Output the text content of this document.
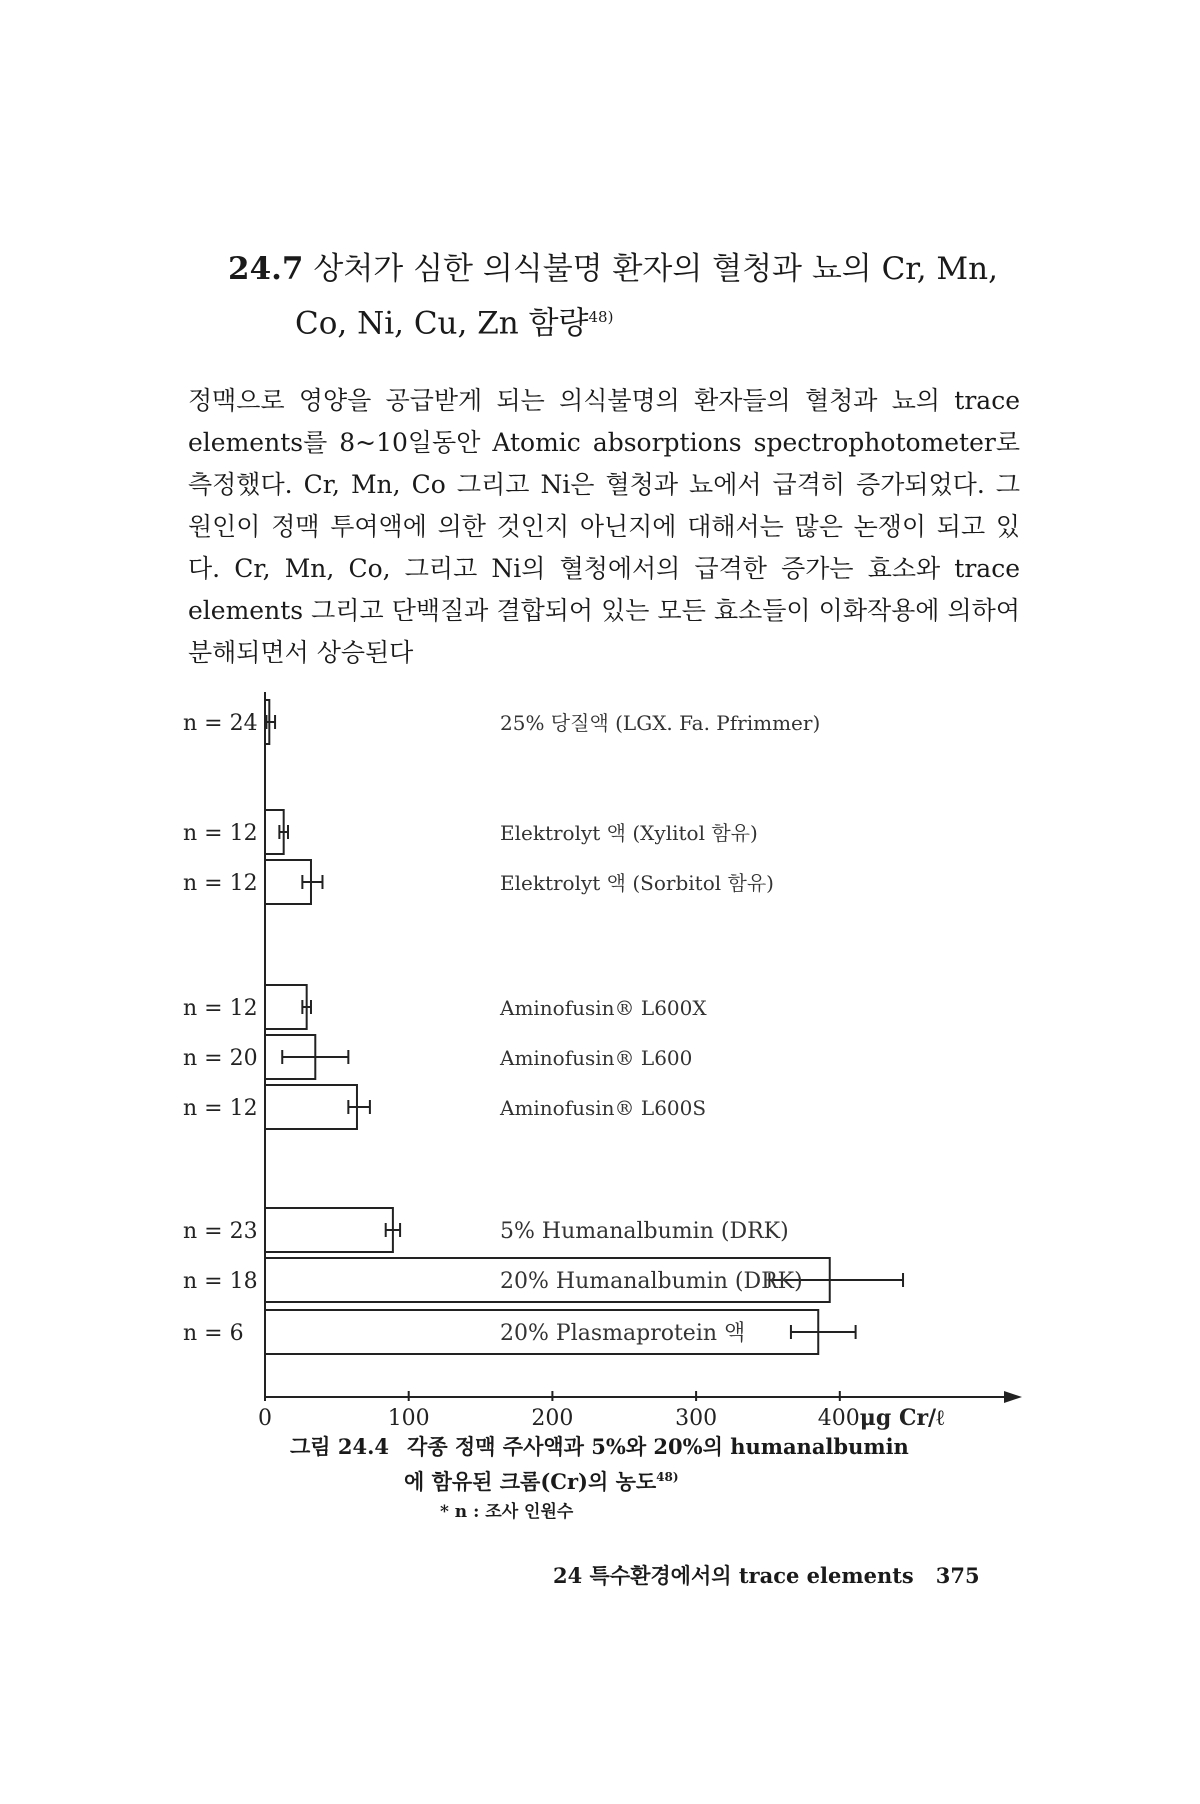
24.7 상처가 심한 의식불명 환자의 혈청과 뇨의 Cr, Mn,
Co, Ni, Cu, Zn 함량$^{48)}$
정맥으로 영양을 공급받게 되는 의식불명의 환자들의 혈청과 뇨의 trace elements를 8~10일동안 Atomic absorptions spectrophotometer로 측정했다. Cr, Mn, Co 그리고 Ni은 혈청과 뇨에서 급격히 증가되었다. 그 원인이 정맥 투여액에 의한 것인지 아닌지에 대해서는 많은 논쟁이 되고 있다. Cr, Mn, Co, 그리고 Ni의 혈청에서의 급격한 증가는 효소와 trace elements 그리고 단백질과 결합되어 있는 모든 효소들이 이화작용에 의하여 분해되면서 상승된다
0	100	200	300	400 μg Cr/ℓ
n = 24	25% 당질액 (LGX. Fa. Pfrimmer)
n = 12	Elektrolyt 액 (Xylitol 함유)
n = 12	Elektrolyt 액 (Sorbitol 함유)
n = 12	Aminofusin® L600X
n = 20	Aminofusin® L600
n = 12	Aminofusin® L600S
n = 23	5% Humanalbumin (DRK)
n = 18	20% Humanalbumin (DRK)
n = 6	20% Plasmaprotein 액
그림 24.4 각종 정맥 주사액과 5%와 20%의 humanalbumin
에 함유된 크롬(Cr)의 농도$^{48)}$
* n : 조사 인원수
24 특수환경에서의 trace elements 375
